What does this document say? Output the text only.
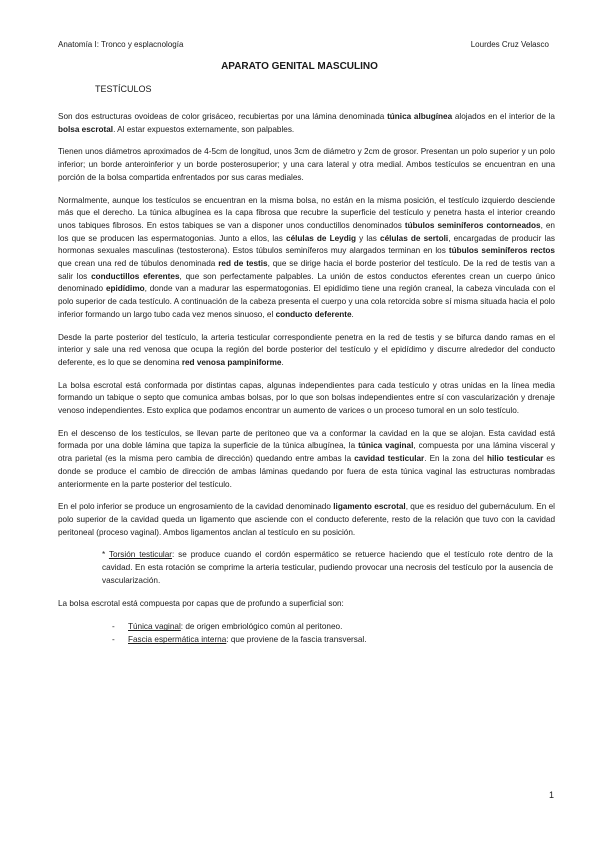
Anatomía I: Tronco y esplacnología	Lourdes Cruz Velasco
APARATO GENITAL MASCULINO
TESTÍCULOS

Son dos estructuras ovoideas de color grisáceo, recubiertas por una lámina denominada túnica albugínea alojados en el interior de la bolsa escrotal. Al estar expuestos externamente, son palpables.

Tienen unos diámetros aproximados de 4-5cm de longitud, unos 3cm de diámetro y 2cm de grosor. Presentan un polo superior y un polo inferior; un borde anteroinferior y un borde posterosuperior; y una cara lateral y otra medial. Ambos testículos se encuentran en una porción de la bolsa compartida enfrentados por sus caras mediales.

Normalmente, aunque los testículos se encuentran en la misma bolsa, no están en la misma posición, el testículo izquierdo desciende más que el derecho. La túnica albugínea es la capa fibrosa que recubre la superficie del testículo y penetra hasta el interior creando unos tabiques fibrosos. En estos tabiques se van a disponer unos conductillos denominados túbulos seminíferos contorneados, en los que se producen las espermatogonias. Junto a ellos, las células de Leydig y las células de sertoli, encargadas de producir las hormonas sexuales masculinas (testosterona). Estos túbulos seminíferos muy alargados terminan en los túbulos seminíferos rectos que crean una red de túbulos denominada red de testis, que se dirige hacia el borde posterior del testículo. De la red de testis van a salir los conductillos eferentes, que son perfectamente palpables. La unión de estos conductos eferentes crean un cuerpo único denominado epidídimo, donde van a madurar las espermatogonias. El epidídimo tiene una región craneal, la cabeza vinculada con el polo superior de cada testículo. A continuación de la cabeza presenta el cuerpo y una cola retorcida sobre sí misma situada hacia el polo inferior formando un largo tubo cada vez menos sinuoso, el conducto deferente.

Desde la parte posterior del testículo, la arteria testicular correspondiente penetra en la red de testis y se bifurca dando ramas en el interior y sale una red venosa que ocupa la región del borde posterior del testículo y el epidídimo y discurre alrededor del conducto deferente, es lo que se denomina red venosa pampiniforme.

La bolsa escrotal está conformada por distintas capas, algunas independientes para cada testículo y otras unidas en la línea media formando un tabique o septo que comunica ambas bolsas, por lo que son bolsas independientes entre sí con vascularización y drenaje venoso independientes. Esto explica que podamos encontrar un aumento de varices o un proceso tumoral en un solo testículo.

En el descenso de los testículos, se llevan parte de peritoneo que va a conformar la cavidad en la que se alojan. Esta cavidad está formada por una doble lámina que tapiza la superficie de la túnica albugínea, la túnica vaginal, compuesta por una lámina visceral y otra parietal (es la misma pero cambia de dirección) quedando entre ambas la cavidad testicular. En la zona del hilio testicular es donde se produce el cambio de dirección de ambas láminas quedando por fuera de esta túnica vaginal las estructuras nombradas anteriormente en la parte posterior del testículo.

En el polo inferior se produce un engrosamiento de la cavidad denominado ligamento escrotal, que es residuo del gubernáculum. En el polo superior de la cavidad queda un ligamento que asciende con el conducto deferente, resto de la relación que tuvo con la cavidad peritoneal (proceso vaginal). Ambos ligamentos anclan al testículo en su posición.

* Torsión testicular: se produce cuando el cordón espermático se retuerce haciendo que el testículo rote dentro de la cavidad. En esta rotación se comprime la arteria testicular, pudiendo provocar una necrosis del testículo por la ausencia de vascularización.

La bolsa escrotal está compuesta por capas que de profundo a superficial son:

- Túnica vaginal: de origen embriológico común al peritoneo.
- Fascia espermática interna: que proviene de la fascia transversal.
1
